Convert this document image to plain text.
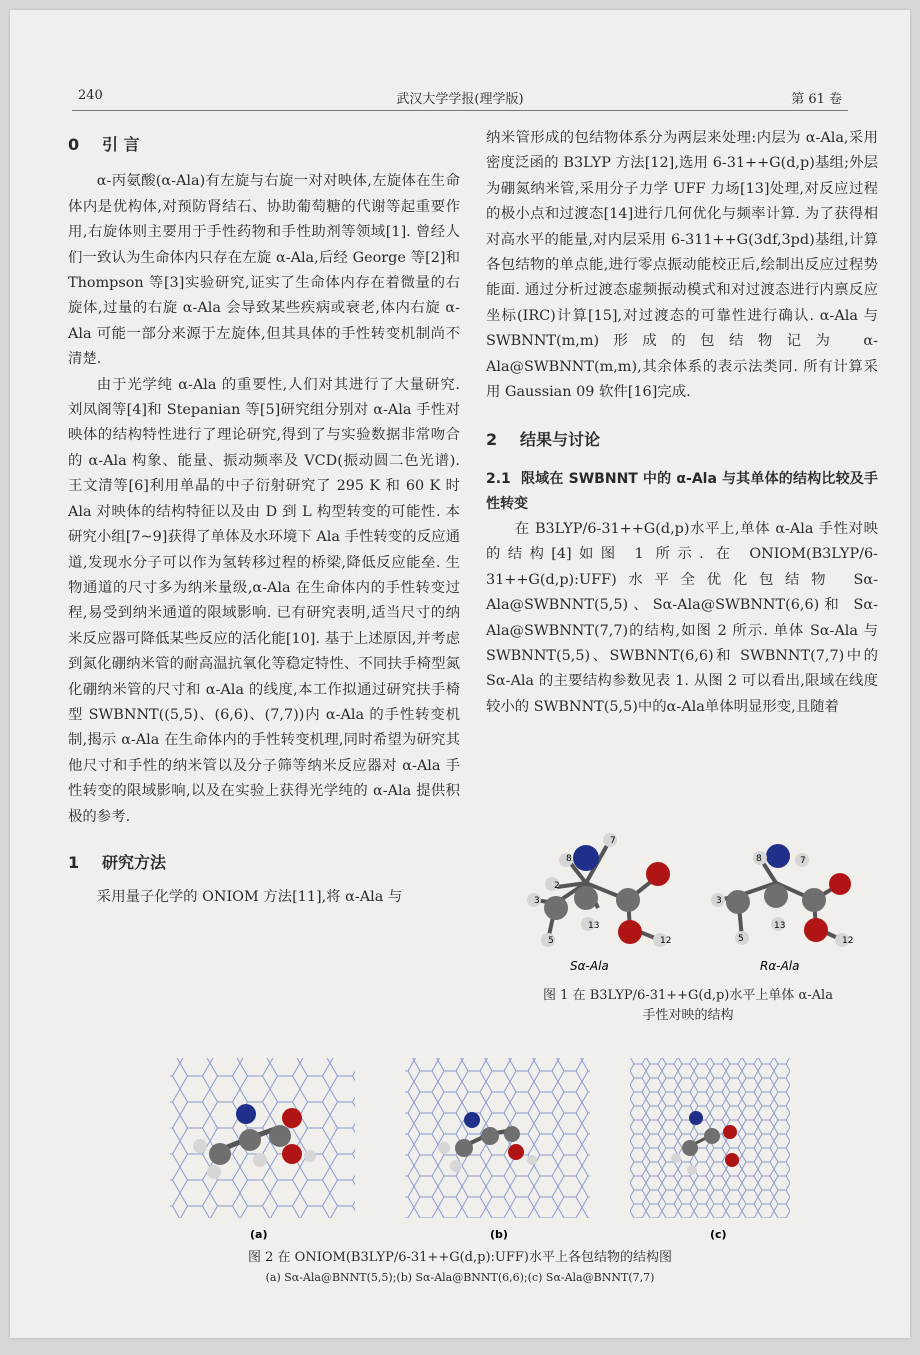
240	武汉大学学报(理学版)	第 61 卷
0 引 言

α-丙氨酸(α-Ala)有左旋与右旋一对对映体,左旋体在生命体内是优构体,对预防肾结石、协助葡萄糖的代谢等起重要作用,右旋体则主要用于手性药物和手性助剂等领域[1]. 曾经人们一致认为生命体内只存在左旋 α-Ala,后经 George 等[2]和 Thompson 等[3]实验研究,证实了生命体内存在着微量的右旋体,过量的右旋 α-Ala 会导致某些疾病或衰老,体内右旋 α-Ala 可能一部分来源于左旋体,但其具体的手性转变机制尚不清楚.

由于光学纯 α-Ala 的重要性,人们对其进行了大量研究. 刘凤阁等[4]和 Stepanian 等[5]研究组分别对 α-Ala 手性对映体的结构特性进行了理论研究,得到了与实验数据非常吻合的 α-Ala 构象、能量、振动频率及 VCD(振动圆二色光谱). 王文清等[6]利用单晶的中子衍射研究了 295 K 和 60 K 时 Ala 对映体的结构特征以及由 D 到 L 构型转变的可能性. 本研究小组[7~9]获得了单体及水环境下 Ala 手性转变的反应通道,发现水分子可以作为氢转移过程的桥梁,降低反应能垒. 生物通道的尺寸多为纳米量级,α-Ala 在生命体内的手性转变过程,易受到纳米通道的限域影响. 已有研究表明,适当尺寸的纳米反应器可降低某些反应的活化能[10]. 基于上述原因,并考虑到氮化硼纳米管的耐高温抗氧化等稳定特性、不同扶手椅型氮化硼纳米管的尺寸和 α-Ala 的线度,本工作拟通过研究扶手椅型 SWBNNT((5,5)、(6,6)、(7,7))内 α-Ala 的手性转变机制,揭示 α-Ala 在生命体内的手性转变机理,同时希望为研究其他尺寸和手性的纳米管以及分子筛等纳米反应器对 α-Ala 手性转变的限域影响,以及在实验上获得光学纯的 α-Ala 提供积极的参考.

1 研究方法

采用量子化学的 ONIOM 方法[11],将 α-Ala 与

纳米管形成的包结物体系分为两层来处理:内层为 α-Ala,采用密度泛函的 B3LYP 方法[12],选用 6-31++G(d,p)基组;外层为硼氮纳米管,采用分子力学 UFF 力场[13]处理,对反应过程的极小点和过渡态[14]进行几何优化与频率计算. 为了获得相对高水平的能量,对内层采用 6-311++G(3df,3pd)基组,计算各包结物的单点能,进行零点振动能校正后,绘制出反应过程势能面. 通过分析过渡态虚频振动模式和对过渡态进行内禀反应坐标(IRC)计算[15],对过渡态的可靠性进行确认. α-Ala 与 SWBNNT(m,m)形成的包结物记为 α-Ala@SWBNNT(m,m),其余体系的表示法类同. 所有计算采用 Gaussian 09 软件[16]完成.

2 结果与讨论
2.1 限域在 SWBNNT 中的 α-Ala 与其单体的结构比较及手性转变

在 B3LYP/6-31++G(d,p)水平上,单体 α-Ala 手性对映的结构[4]如图 1 所示. 在 ONIOM(B3LYP/6-31++G(d,p):UFF)水平全优化包结物 Sα-Ala@SWBNNT(5,5)、Sα-Ala@SWBNNT(6,6)和 Sα-Ala@SWBNNT(7,7)的结构,如图 2 所示. 单体 Sα-Ala 与 SWBNNT(5,5)、SWBNNT(6,6)和 SWBNNT(7,7)中的 Sα-Ala 的主要结构参数见表 1. 从图 2 可以看出,限域在线度较小的 SWBNNT(5,5)中的α-Ala单体明显形变,且随着

8
7
2
3
5
13
12
Sα-Ala
8	7
3
5
13
12
Rα-Ala
图 1 在 B3LYP/6-31++G(d,p)水平上单体 α-Ala
手性对映的结构
(a)	(b)	(c)
图 2 在 ONIOM(B3LYP/6-31++G(d,p):UFF)水平上各包结物的结构图
(a) Sα-Ala@BNNT(5,5);(b) Sα-Ala@BNNT(6,6);(c) Sα-Ala@BNNT(7,7)
